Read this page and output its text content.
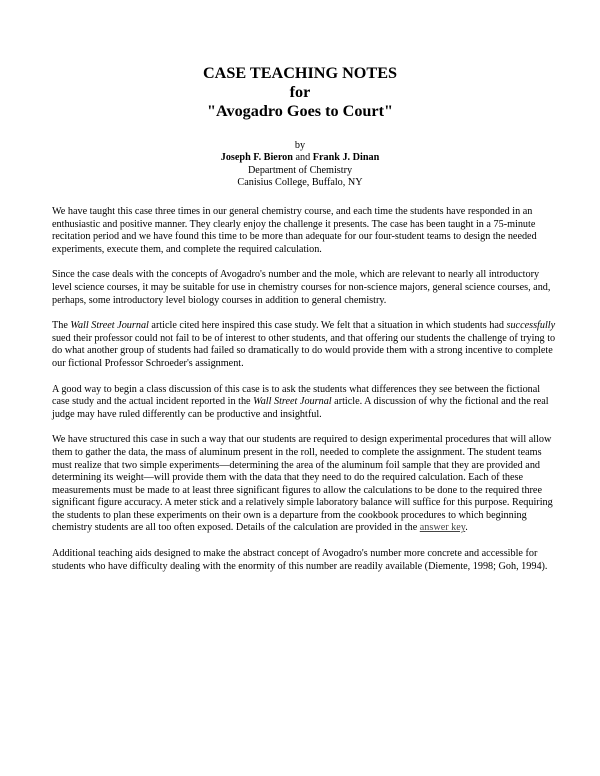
CASE TEACHING NOTES
for
"Avogadro Goes to Court"
by
Joseph F. Bieron and Frank J. Dinan
Department of Chemistry
Canisius College, Buffalo, NY

We have taught this case three times in our general chemistry course, and each time the students have responded in an enthusiastic and positive manner. They clearly enjoy the challenge it presents. The case has been taught in a 75-minute recitation period and we have found this time to be more than adequate for our four-student teams to design the needed experiments, execute them, and complete the required calculation.

Since the case deals with the concepts of Avogadro's number and the mole, which are relevant to nearly all introductory level science courses, it may be suitable for use in chemistry courses for non-science majors, general science courses, and, perhaps, some introductory level biology courses in addition to general chemistry.

The Wall Street Journal article cited here inspired this case study. We felt that a situation in which students had successfully sued their professor could not fail to be of interest to other students, and that offering our students the challenge of trying to do what another group of students had failed so dramatically to do would provide them with a strong incentive to complete our fictional Professor Schroeder's assignment.

A good way to begin a class discussion of this case is to ask the students what differences they see between the fictional case study and the actual incident reported in the Wall Street Journal article. A discussion of why the fictional and the real judge may have ruled differently can be productive and insightful.

We have structured this case in such a way that our students are required to design experimental procedures that will allow them to gather the data, the mass of aluminum present in the roll, needed to complete the assignment. The student teams must realize that two simple experiments—determining the area of the aluminum foil sample that they are provided and determining its weight—will provide them with the data that they need to do the required calculation. Each of these measurements must be made to at least three significant figures to allow the calculations to be done to the required three significant figure accuracy. A meter stick and a relatively simple laboratory balance will suffice for this purpose. Requiring the students to plan these experiments on their own is a departure from the cookbook procedures to which beginning chemistry students are all too often exposed. Details of the calculation are provided in the answer key.

Additional teaching aids designed to make the abstract concept of Avogadro's number more concrete and accessible for students who have difficulty dealing with the enormity of this number are readily available (Diemente, 1998; Goh, 1994).
